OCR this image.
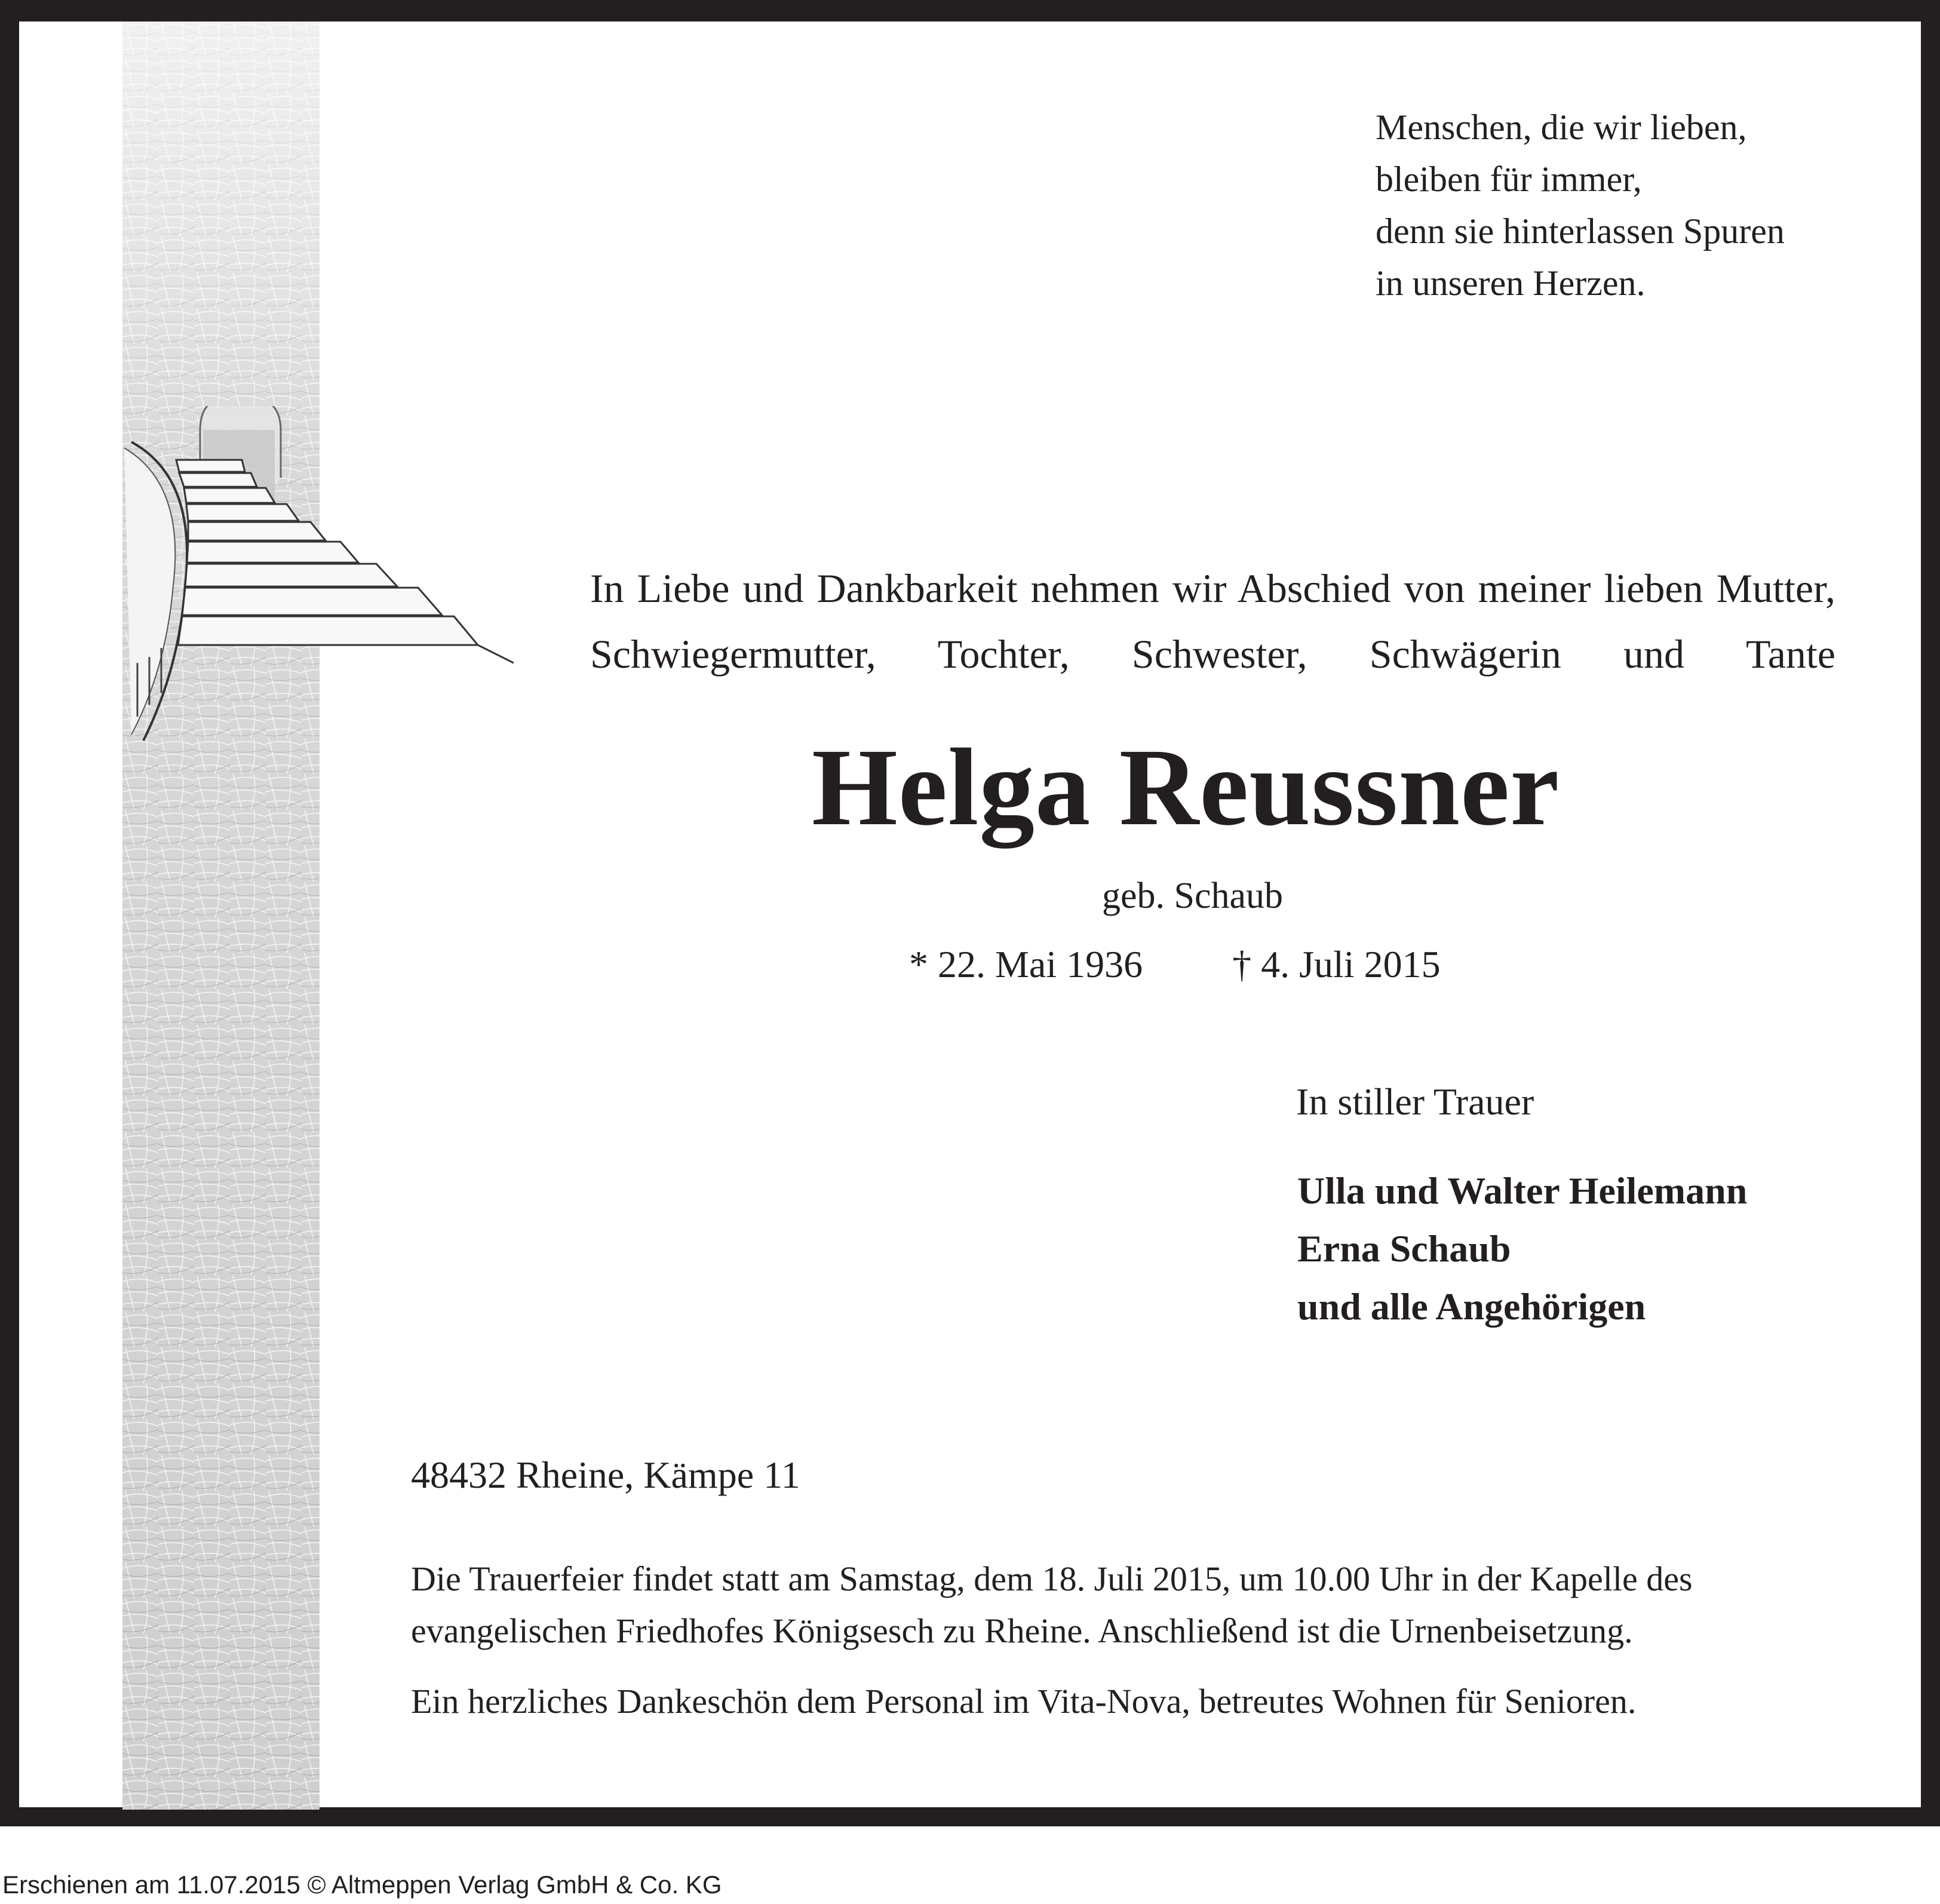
Menschen, die wir lieben,
bleiben für immer,
denn sie hinterlassen Spuren
in unseren Herzen.
In Liebe und Dankbarkeit nehmen wir Abschied von meiner lieben Mutter, Schwiegermutter, Tochter, Schwester, Schwägerin und Tante
Helga Reussner
geb. Schaub
* 22. Mai 1936 † 4. Juli 2015
In stiller Trauer
Ulla und Walter Heilemann
Erna Schaub
und alle Angehörigen
48432 Rheine, Kämpe 11
Die Trauerfeier findet statt am Samstag, dem 18. Juli 2015, um 10.00 Uhr in der Kapelle des evangelischen Friedhofes Königsesch zu Rheine. Anschließend ist die Urnenbeisetzung.
Ein herzliches Dankeschön dem Personal im Vita-Nova, betreutes Wohnen für Senioren.
Erschienen am 11.07.2015 © Altmeppen Verlag GmbH & Co. KG
